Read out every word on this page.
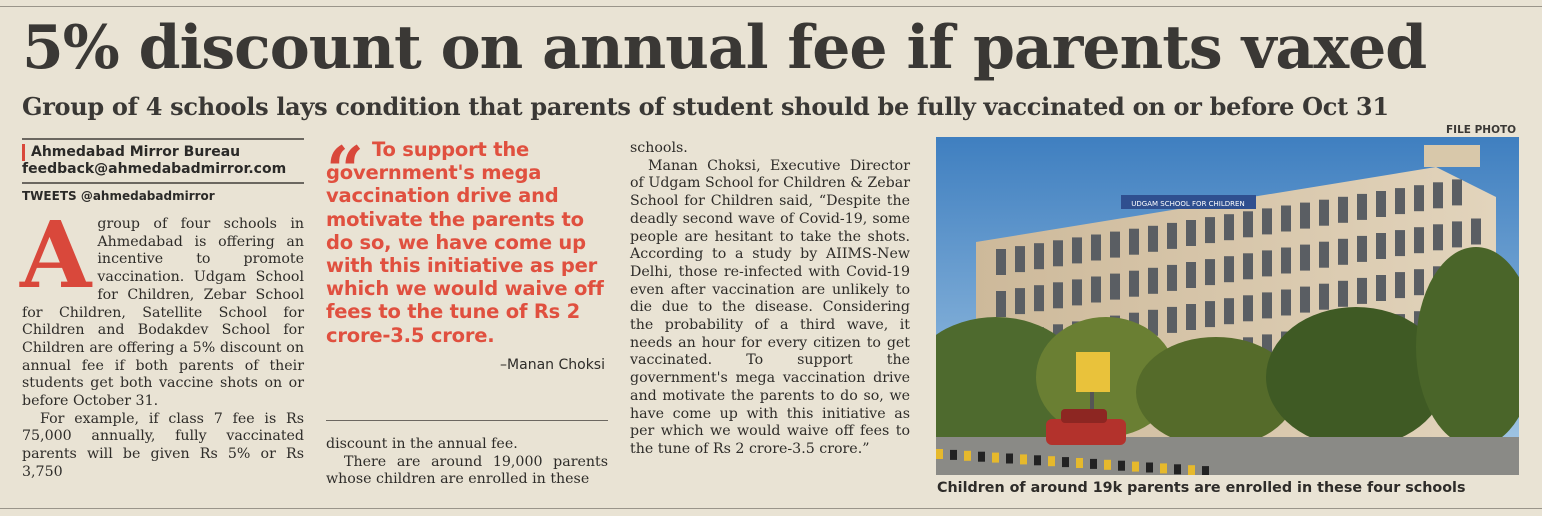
5% discount on annual fee if parents vaxed
Group of 4 schools lays condition that parents of student should be fully vaccinated on or before Oct 31
Ahmedabad Mirror Bureau
feedback@ahmedabadmirror.com
TWEETS @ahmedabadmirror
A group of four schools in Ahmedabad is offering an incentive to promote vaccination. Udgam School for Children, Zebar School for Children, Satellite School for Children and Bodakdev School for Children are offering a 5% discount on annual fee if both parents of their students get both vaccine shots on or before October 31.

For example, if class 7 fee is Rs 75,000 annually, fully vaccinated parents will be given Rs 5% or Rs 3,750

“ To support the government's mega vaccination drive and motivate the parents to do so, we have come up with this initiative as per which we would waive off fees to the tune of Rs 2 crore-3.5 crore.
–Manan Choksi

discount in the annual fee.

There are around 19,000 parents whose children are enrolled in these

schools.

Manan Choksi, Executive Director of Udgam School for Children & Zebar School for Children said, “Despite the deadly second wave of Covid-19, some people are hesitant to take the shots. According to a study by AIIMS-New Delhi, those re-infected with Covid-19 even after vaccination are unlikely to die due to the disease. Considering the probability of a third wave, it needs an hour for every citizen to get vaccinated. To support the government's mega vaccination drive and motivate the parents to do so, we have come up with this initiative as per which we would waive off fees to the tune of Rs 2 crore-3.5 crore.”

FILE PHOTO
UDGAM SCHOOL FOR CHILDREN
Children of around 19k parents are enrolled in these four schools
